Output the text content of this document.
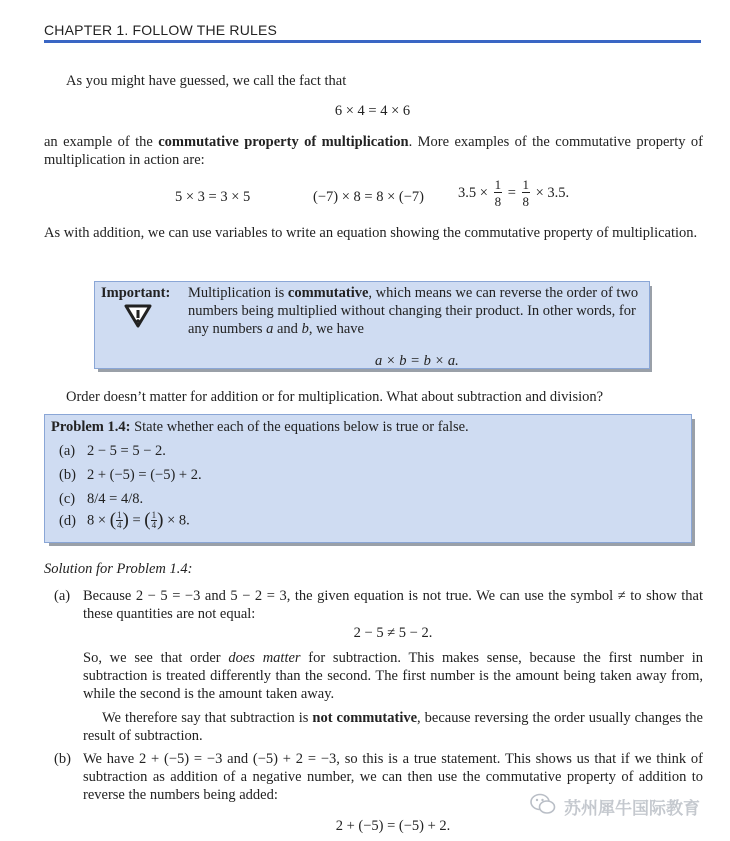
CHAPTER 1. FOLLOW THE RULES
As you might have guessed, we call the fact that
6 × 4 = 4 × 6
an example of the commutative property of multiplication. More examples of the commutative property of multiplication in action are:
5 × 3 = 3 × 5	(−7) × 8 = 8 × (−7) $3.5 \times \frac{1}{8} = \frac{1}{8} \times 3.5$.
As with addition, we can use variables to write an equation showing the commutative property of multiplication.
Important: Multiplication is commutative, which means we can reverse the order of two numbers being multiplied without changing their product. In other words, for any numbers a and b, we have
a × b = b × a.
Order doesn’t matter for addition or for multiplication. What about subtraction and division?
Problem 1.4: State whether each of the equations below is true or false.
(a) 2 − 5 = 5 − 2.
(b) 2 + (−5) = (−5) + 2.
(c) 8/4 = 4/8.
(d) 8 × ( $\frac{1}{4}$ ) = ( $\frac{1}{4}$ ) × 8.
Solution for Problem 1.4:
(a) Because 2 − 5 = −3 and 5 − 2 = 3, the given equation is not true. We can use the symbol ≠ to show that these quantities are not equal:
2 − 5 ≠ 5 − 2.
So, we see that order does matter for subtraction. This makes sense, because the first number in subtraction is treated differently than the second. The first number is the amount being taken away from, while the second is the amount taken away.
We therefore say that subtraction is not commutative, because reversing the order usually changes the result of subtraction.
(b) We have 2 + (−5) = −3 and (−5) + 2 = −3, so this is a true statement. This shows us that if we think of subtraction as addition of a negative number, we can then use the commutative property of addition to reverse the numbers being added:
2 + (−5) = (−5) + 2.
苏州犀牛国际教育
